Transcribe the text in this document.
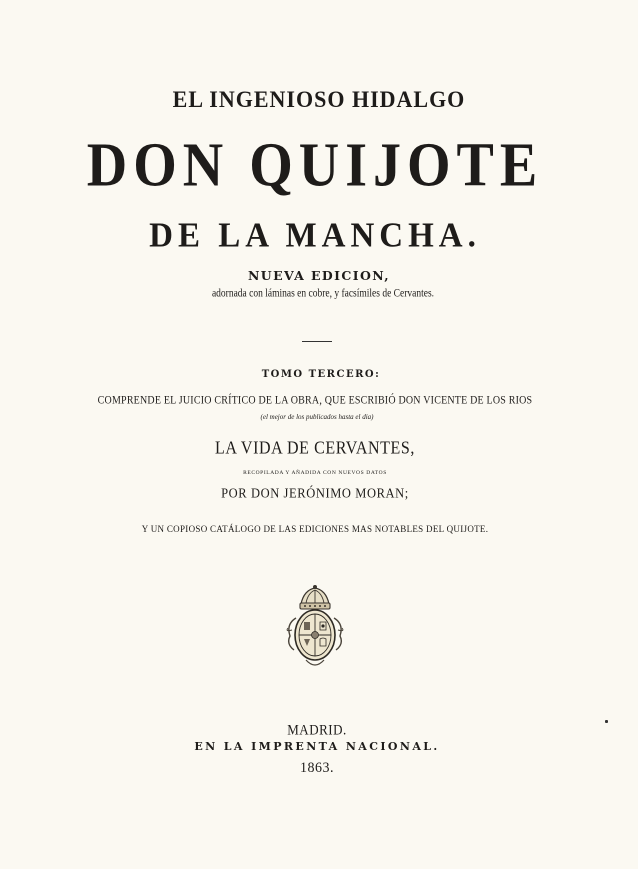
EL INGENIOSO HIDALGO

DON QUIJOTE

DE LA MANCHA.

NUEVA EDICION,

adornada con láminas en cobre, y facsímiles de Cervantes.

TOMO TERCERO:

COMPRENDE EL JUICIO CRÍTICO DE LA OBRA, QUE ESCRIBIÓ DON VICENTE DE LOS RIOS

(el mejor de los publicados hasta el dia)

LA VIDA DE CERVANTES,

RECOPILADA Y AÑADIDA CON NUEVOS DATOS

POR DON JERÓNIMO MORAN;

Y UN COPIOSO CATÁLOGO DE LAS EDICIONES MAS NOTABLES DEL QUIJOTE.

MADRID.

EN LA IMPRENTA NACIONAL.

1863.
